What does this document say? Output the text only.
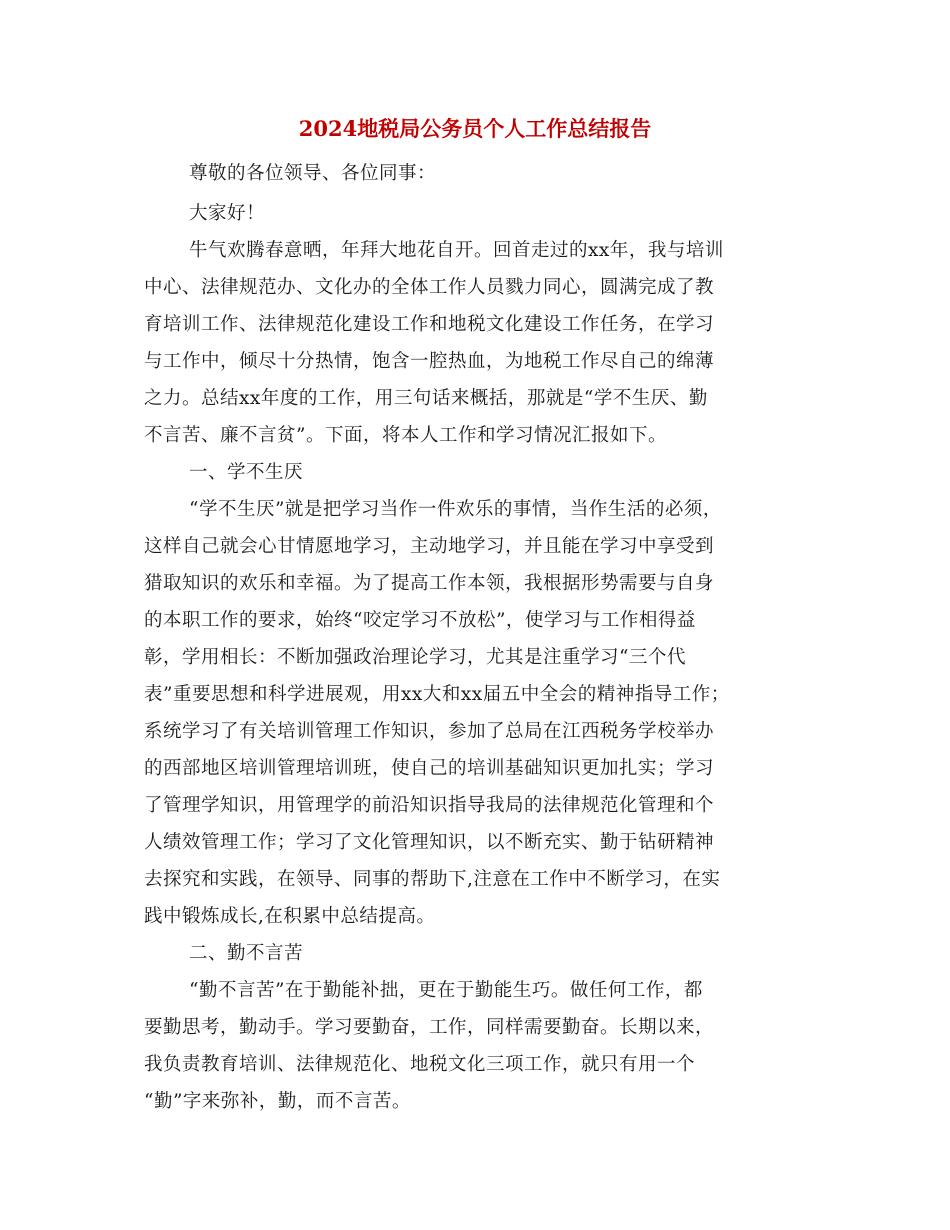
2024地税局公务员个人工作总结报告
尊敬的各位领导、各位同事：
大家好！
牛气欢腾春意晒，年拜大地花自开。回首走过的xx年，我与培训
中心、法律规范办、文化办的全体工作人员戮力同心，圆满完成了教
育培训工作、法律规范化建设工作和地税文化建设工作任务，在学习
与工作中，倾尽十分热情，饱含一腔热血，为地税工作尽自己的绵薄
之力。总结xx年度的工作，用三句话来概括，那就是“学不生厌、勤
不言苦、廉不言贫”。下面，将本人工作和学习情况汇报如下。
一、学不生厌
“学不生厌”就是把学习当作一件欢乐的事情，当作生活的必须，
这样自己就会心甘情愿地学习，主动地学习，并且能在学习中享受到
猎取知识的欢乐和幸福。为了提高工作本领，我根据形势需要与自身
的本职工作的要求，始终“咬定学习不放松”，使学习与工作相得益
彰，学用相长：不断加强政治理论学习，尤其是注重学习“三个代
表”重要思想和科学进展观，用xx大和xx届五中全会的精神指导工作；
系统学习了有关培训管理工作知识，参加了总局在江西税务学校举办
的西部地区培训管理培训班，使自己的培训基础知识更加扎实；学习
了管理学知识，用管理学的前沿知识指导我局的法律规范化管理和个
人绩效管理工作；学习了文化管理知识，以不断充实、勤于钻研精神
去探究和实践，在领导、同事的帮助下,注意在工作中不断学习，在实
践中锻炼成长,在积累中总结提高。
二、勤不言苦
“勤不言苦”在于勤能补拙，更在于勤能生巧。做任何工作，都
要勤思考，勤动手。学习要勤奋，工作，同样需要勤奋。长期以来，
我负责教育培训、法律规范化、地税文化三项工作，就只有用一个
“勤”字来弥补，勤，而不言苦。
